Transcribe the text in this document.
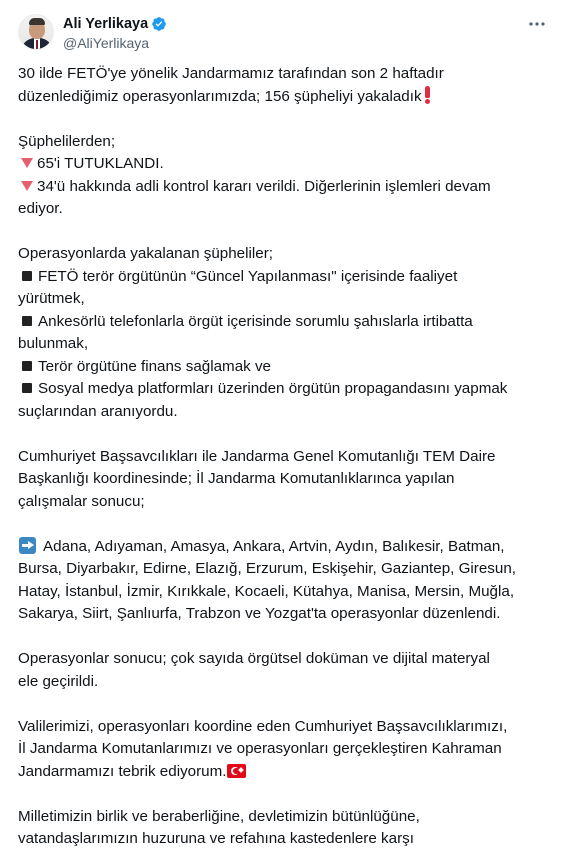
Ali Yerlikaya
@AliYerlikaya
30 ilde FETÖ'ye yönelik Jandarmamız tarafından son 2 haftadır
düzenlediğimiz operasyonlarımızda; 156 şüpheliyi yakaladık
Şüphelilerden;
65'i TUTUKLANDI.
34'ü hakkında adli kontrol kararı verildi. Diğerlerinin işlemleri devam
ediyor.
Operasyonlarda yakalanan şüpheliler;
FETÖ terör örgütünün “Güncel Yapılanması" içerisinde faaliyet
yürütmek,
Ankesörlü telefonlarla örgüt içerisinde sorumlu şahıslarla irtibatta
bulunmak,
Terör örgütüne finans sağlamak ve
Sosyal medya platformları üzerinden örgütün propagandasını yapmak
suçlarından aranıyordu.
Cumhuriyet Başsavcılıkları ile Jandarma Genel Komutanlığı TEM Daire
Başkanlığı koordinesinde; İl Jandarma Komutanlıklarınca yapılan
çalışmalar sonucu;
Adana, Adıyaman, Amasya, Ankara, Artvin, Aydın, Balıkesir, Batman,
Bursa, Diyarbakır, Edirne, Elazığ, Erzurum, Eskişehir, Gaziantep, Giresun,
Hatay, İstanbul, İzmir, Kırıkkale, Kocaeli, Kütahya, Manisa, Mersin, Muğla,
Sakarya, Siirt, Şanlıurfa, Trabzon ve Yozgat'ta operasyonlar düzenlendi.
Operasyonlar sonucu; çok sayıda örgütsel doküman ve dijital materyal
ele geçirildi.
Valilerimizi, operasyonları koordine eden Cumhuriyet Başsavcılıklarımızı,
İl Jandarma Komutanlarımızı ve operasyonları gerçekleştiren Kahraman
Jandarmamızı tebrik ediyorum.
Milletimizin birlik ve beraberliğine, devletimizin bütünlüğüne,
vatandaşlarımızın huzuruna ve refahına kastedenlere karşı
